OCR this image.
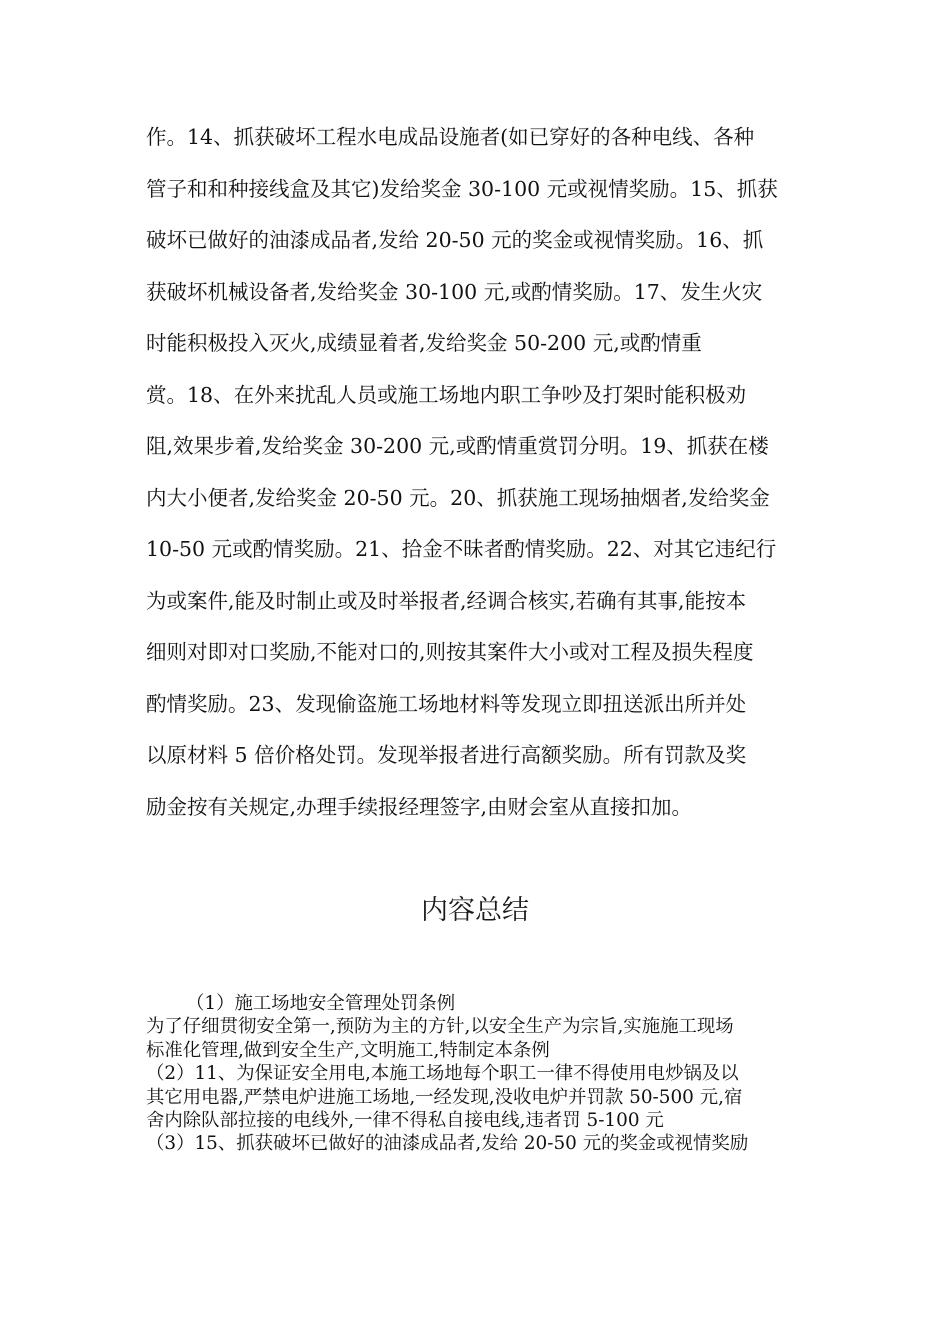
作。14、抓获破坏工程水电成品设施者(如已穿好的各种电线、各种
管子和和种接线盒及其它)发给奖金 30-100 元或视情奖励。15、抓获
破坏已做好的油漆成品者,发给 20-50 元的奖金或视情奖励。16、抓
获破坏机械设备者,发给奖金 30-100 元,或酌情奖励。17、发生火灾
时能积极投入灭火,成绩显着者,发给奖金 50-200 元,或酌情重
赏。18、在外来扰乱人员或施工场地内职工争吵及打架时能积极劝
阻,效果步着,发给奖金 30-200 元,或酌情重赏罚分明。19、抓获在楼
内大小便者,发给奖金 20-50 元。20、抓获施工现场抽烟者,发给奖金
10-50 元或酌情奖励。21、拾金不昧者酌情奖励。22、对其它违纪行
为或案件,能及时制止或及时举报者,经调合核实,若确有其事,能按本
细则对即对口奖励,不能对口的,则按其案件大小或对工程及损失程度
酌情奖励。23、发现偷盗施工场地材料等发现立即扭送派出所并处
以原材料 5 倍价格处罚。发现举报者进行高额奖励。所有罚款及奖
励金按有关规定,办理手续报经理签字,由财会室从直接扣加。
内容总结
（1）施工场地安全管理处罚条例
为了仔细贯彻安全第一,预防为主的方针,以安全生产为宗旨,实施施工现场
标准化管理,做到安全生产,文明施工,特制定本条例
（2）11、为保证安全用电,本施工场地每个职工一律不得使用电炒锅及以
其它用电器,严禁电炉进施工场地,一经发现,没收电炉并罚款 50-500 元,宿
舍内除队部拉接的电线外,一律不得私自接电线,违者罚 5-100 元
（3）15、抓获破坏已做好的油漆成品者,发给 20-50 元的奖金或视情奖励
